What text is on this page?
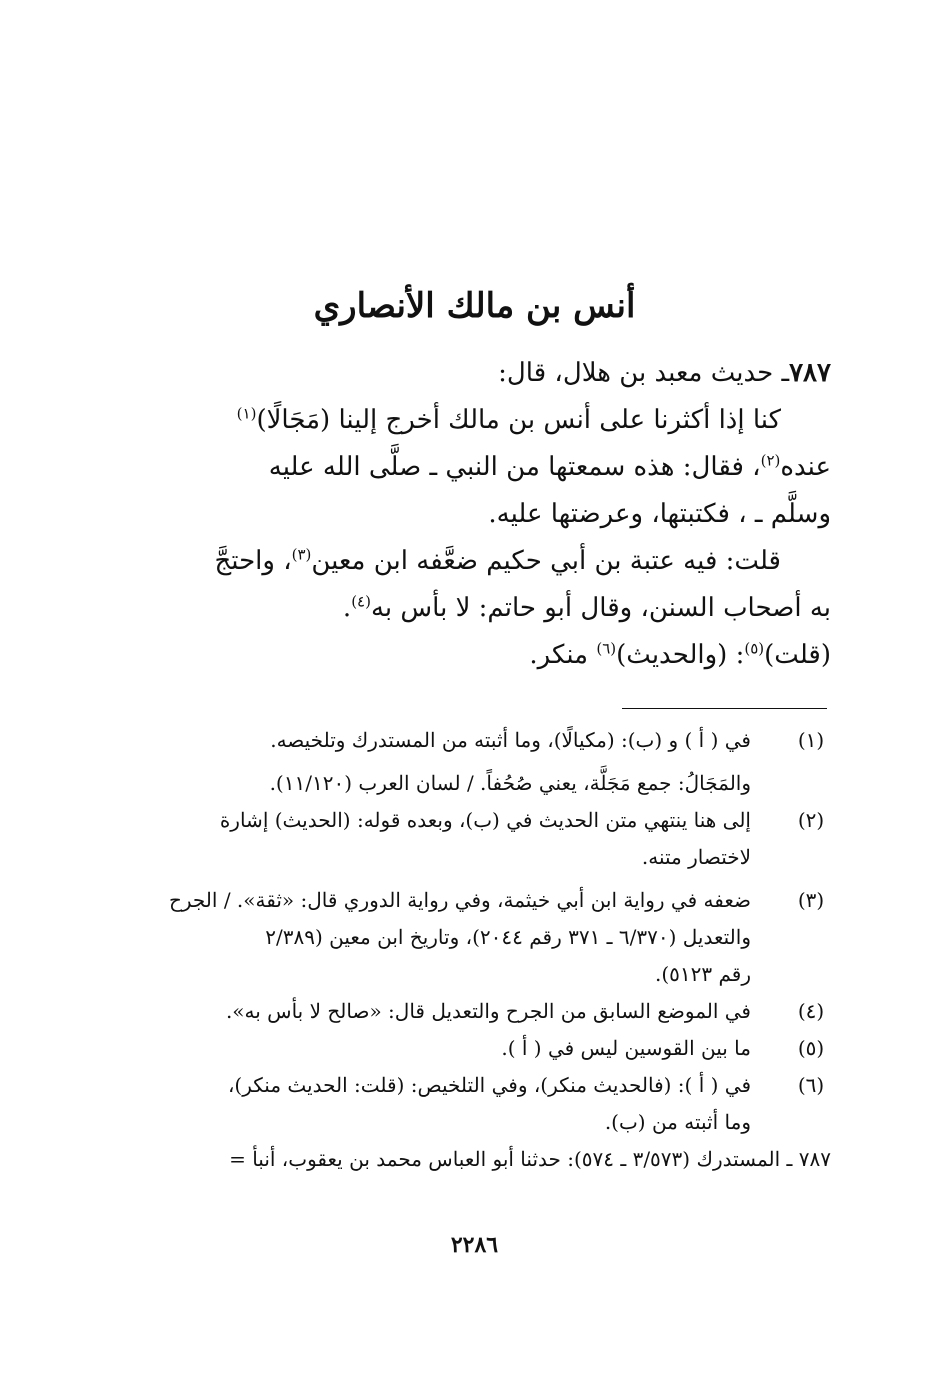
أنس بن مالك الأنصاري
٧٨٧ـ حديث معبد بن هلال، قال:
كنا إذا أكثرنا على أنس بن مالك أخرج إلينا (مَجَالًا)$^{(١)}$
عنده$^{(٢)}$، فقال: هذه سمعتها من النبي ـ صلَّى الله عليه
وسلَّم ـ ، فكتبتها، وعرضتها عليه.
قلت: فيه عتبة بن أبي حكيم ضعَّفه ابن معين$^{(٣)}$، واحتجَّ
به أصحاب السنن، وقال أبو حاتم: لا بأس به$^{(٤)}$.
(قلت)$^{(٥)}$: (والحديث)$^{(٦)}$ منكر.
(١)
في ( أ ) و (ب): (مكيالًا)، وما أثبته من المستدرك وتلخيصه.
والمَجَالُ: جمع مَجَلَّة، يعني صُحُفاً. / لسان العرب (١١/١٢٠).
(٢)
إلى هنا ينتهي متن الحديث في (ب)، وبعده قوله: (الحديث) إشارة
لاختصار متنه.
(٣)
ضعفه في رواية ابن أبي خيثمة، وفي رواية الدوري قال: «ثقة». / الجرح
والتعديل (٦/٣٧٠ ـ ٣٧١ رقم ٢٠٤٤)، وتاريخ ابن معين (٢/٣٨٩
رقم ٥١٢٣).
(٤)
في الموضع السابق من الجرح والتعديل قال: «صالح لا بأس به».
(٥)
ما بين القوسين ليس في ( أ ).
(٦)
في ( أ ): (فالحديث منكر)، وفي التلخيص: (قلت: الحديث منكر)،
وما أثبته من (ب).
٧٨٧ ـ المستدرك (٣/٥٧٣ ـ ٥٧٤): حدثنا أبو العباس محمد بن يعقوب، أنبأ =
٢٢٨٦
